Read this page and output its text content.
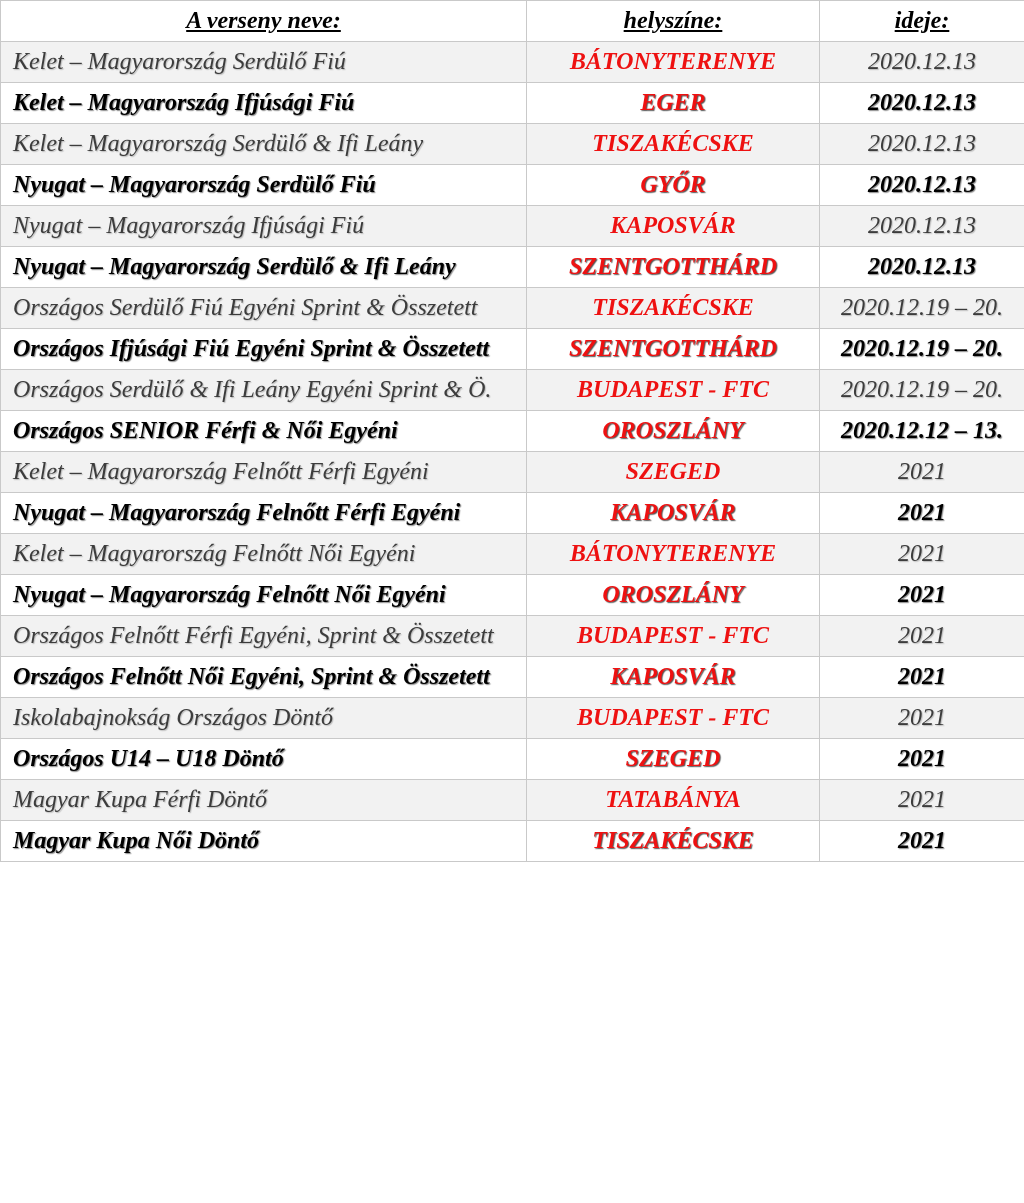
A verseny neve:	helyszíne:	ideje:
Kelet – Magyarország Serdülő Fiú	BÁTONYTERENYE	2020.12.13
Kelet – Magyarország Ifjúsági Fiú	EGER	2020.12.13
Kelet – Magyarország Serdülő & Ifi Leány	TISZAKÉCSKE	2020.12.13
Nyugat – Magyarország Serdülő Fiú	GYŐR	2020.12.13
Nyugat – Magyarország Ifjúsági Fiú	KAPOSVÁR	2020.12.13
Nyugat – Magyarország Serdülő & Ifi Leány	SZENTGOTTHÁRD	2020.12.13
Országos Serdülő Fiú Egyéni Sprint & Összetett	TISZAKÉCSKE	2020.12.19 – 20.
Országos Ifjúsági Fiú Egyéni Sprint & Összetett	SZENTGOTTHÁRD	2020.12.19 – 20.
Országos Serdülő & Ifi Leány Egyéni Sprint & Ö.	BUDAPEST - FTC	2020.12.19 – 20.
Országos SENIOR Férfi & Női Egyéni	OROSZLÁNY	2020.12.12 – 13.
Kelet – Magyarország Felnőtt Férfi Egyéni	SZEGED	2021
Nyugat – Magyarország Felnőtt Férfi Egyéni	KAPOSVÁR	2021
Kelet – Magyarország Felnőtt Női Egyéni	BÁTONYTERENYE	2021
Nyugat – Magyarország Felnőtt Női Egyéni	OROSZLÁNY	2021
Országos Felnőtt Férfi Egyéni, Sprint & Összetett	BUDAPEST - FTC	2021
Országos Felnőtt Női Egyéni, Sprint & Összetett	KAPOSVÁR	2021
Iskolabajnokság Országos Döntő	BUDAPEST - FTC	2021
Országos U14 – U18 Döntő	SZEGED	2021
Magyar Kupa Férfi Döntő	TATABÁNYA	2021
Magyar Kupa Női Döntő	TISZAKÉCSKE	2021
